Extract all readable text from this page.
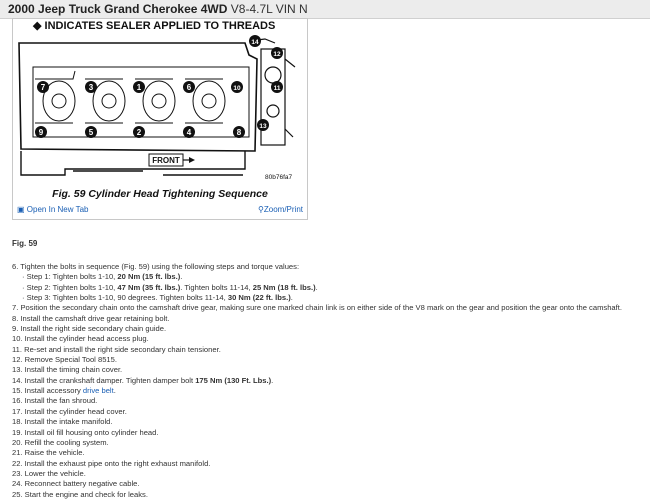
2000 Jeep Truck Grand Cherokee 4WD V8-4.7L VIN N
◆ INDICATES SEALER APPLIED TO THREADS
FRONT
80b76fa7
7	3	1	6	10
9	5	2	4	8
14
12
11
13
Fig. 59 Cylinder Head Tightening Sequence
▣ Open In New Tab	⚲Zoom/Print
Fig. 59
6. Tighten the bolts in sequence (Fig. 59) using the following steps and torque values:
· Step 1: Tighten bolts 1-10, 20 Nm (15 ft. lbs.).
· Step 2: Tighten bolts 1-10, 47 Nm (35 ft. lbs.). Tighten bolts 11-14, 25 Nm (18 ft. lbs.).
· Step 3: Tighten bolts 1-10, 90 degrees. Tighten bolts 11-14, 30 Nm (22 ft. lbs.).
7. Position the secondary chain onto the camshaft drive gear, making sure one marked chain link is on either side of the V8 mark on the gear and position the gear onto the camshaft.
8. Install the camshaft drive gear retaining bolt.
9. Install the right side secondary chain guide.
10. Install the cylinder head access plug.
11. Re-set and install the right side secondary chain tensioner.
12. Remove Special Tool 8515.
13. Install the timing chain cover.
14. Install the crankshaft damper. Tighten damper bolt 175 Nm (130 Ft. Lbs.).
15. Install accessory drive belt.
16. Install the fan shroud.
17. Install the cylinder head cover.
18. Install the intake manifold.
19. Install oil fill housing onto cylinder head.
20. Refill the cooling system.
21. Raise the vehicle.
22. Install the exhaust pipe onto the right exhaust manifold.
23. Lower the vehicle.
24. Reconnect battery negative cable.
25. Start the engine and check for leaks.
